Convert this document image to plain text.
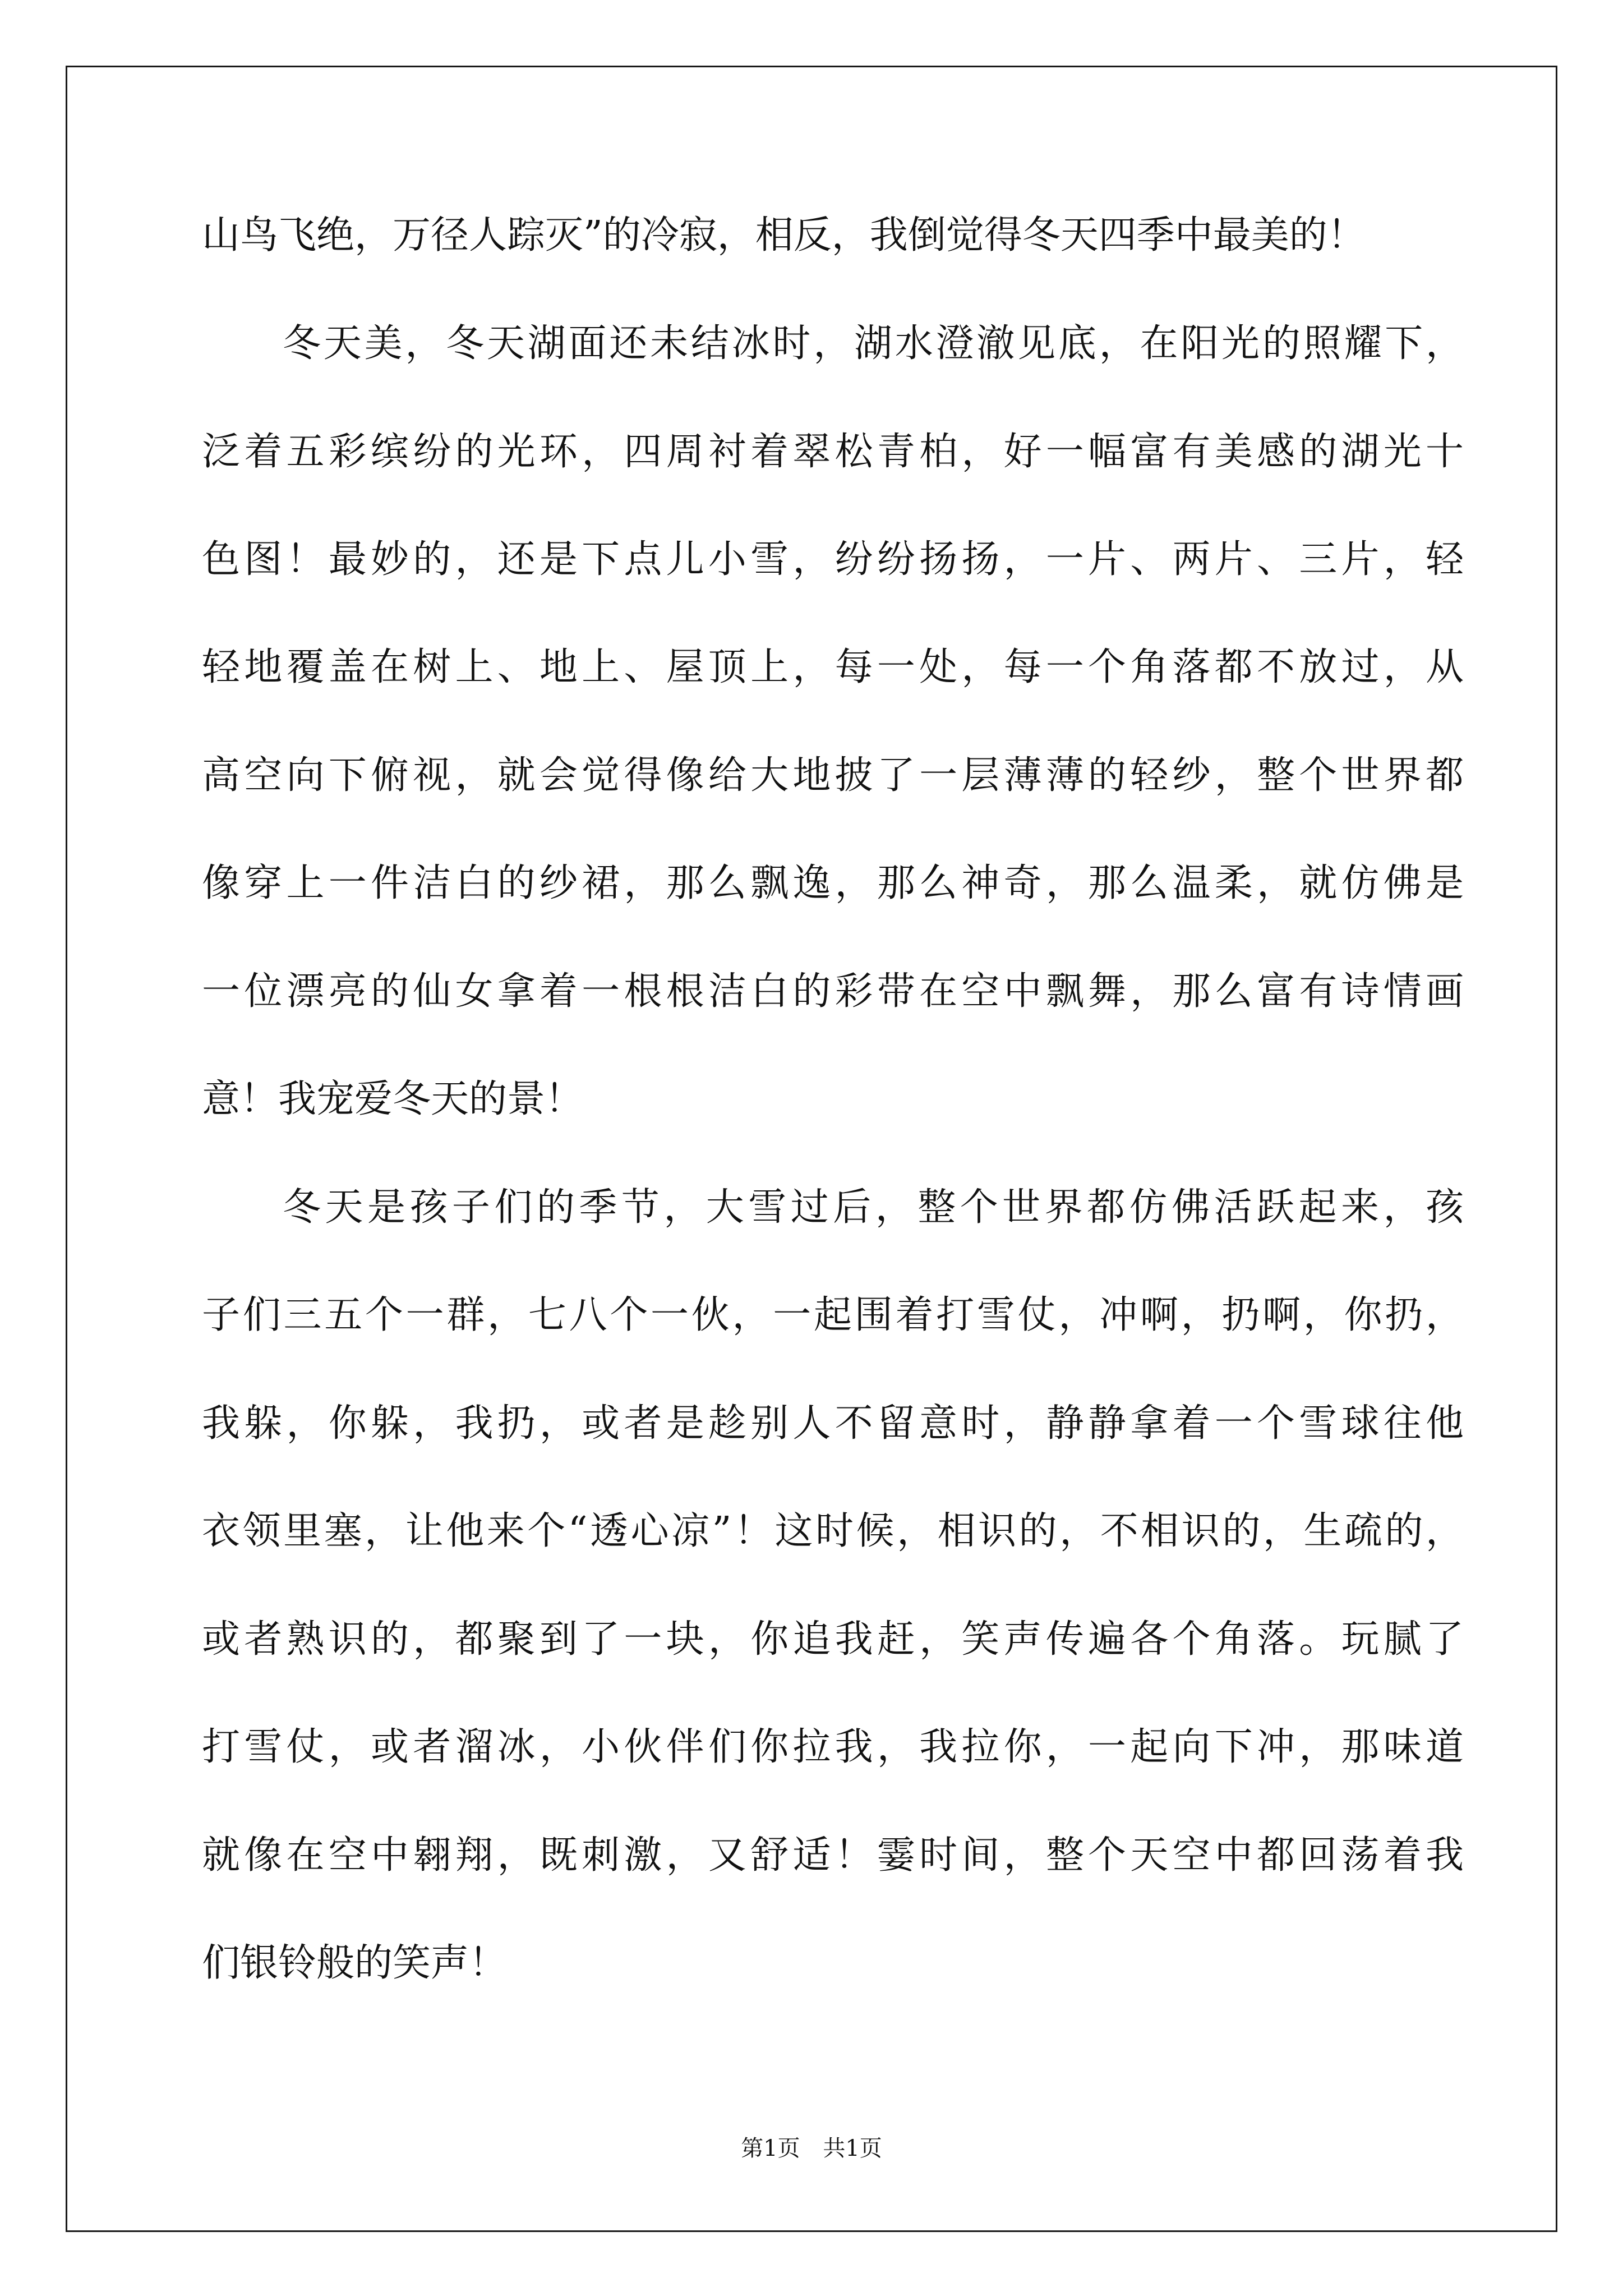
山鸟飞绝，万径人踪灭”的冷寂，相反，我倒觉得冬天四季中最美的！

冬天美，冬天湖面还未结冰时，湖水澄澈见底，在阳光的照耀下，

泛着五彩缤纷的光环，四周衬着翠松青柏，好一幅富有美感的湖光十

色图！最妙的，还是下点儿小雪，纷纷扬扬，一片、两片、三片，轻

轻地覆盖在树上、地上、屋顶上，每一处，每一个角落都不放过，从

高空向下俯视，就会觉得像给大地披了一层薄薄的轻纱，整个世界都

像穿上一件洁白的纱裙，那么飘逸，那么神奇，那么温柔，就仿佛是

一位漂亮的仙女拿着一根根洁白的彩带在空中飘舞，那么富有诗情画

意！我宠爱冬天的景！

冬天是孩子们的季节，大雪过后，整个世界都仿佛活跃起来，孩

子们三五个一群，七八个一伙，一起围着打雪仗，冲啊，扔啊，你扔，

我躲，你躲，我扔，或者是趁别人不留意时，静静拿着一个雪球往他

衣领里塞，让他来个“透心凉”！这时候，相识的，不相识的，生疏的，

或者熟识的，都聚到了一块，你追我赶，笑声传遍各个角落。玩腻了

打雪仗，或者溜冰，小伙伴们你拉我，我拉你，一起向下冲，那味道

就像在空中翱翔，既刺激，又舒适！霎时间，整个天空中都回荡着我

们银铃般的笑声！

第1页 共1页
